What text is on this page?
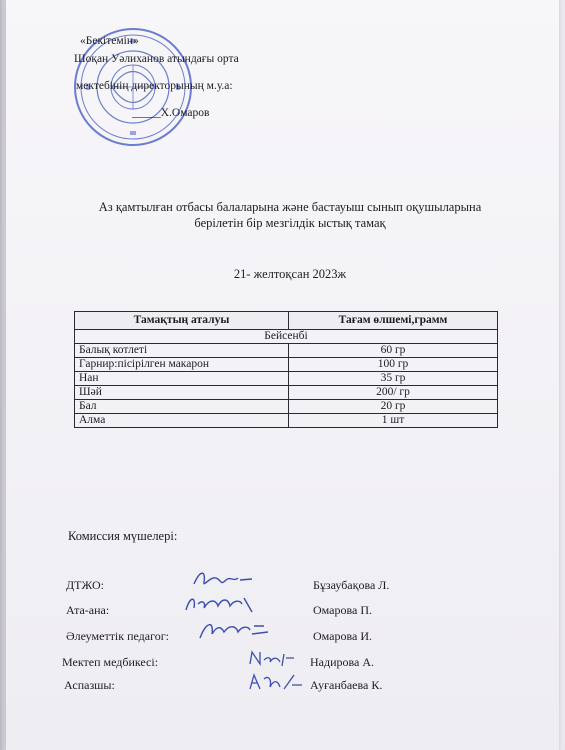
«Бекітемін»
Шоқан Уәлиханов атындағы орта
мектебінің директорының м.у.а:
_____Х.Омаров
Аз қамтылған отбасы балаларына және бастауыш сынып оқушыларына
берілетін бір мезгілдік ыстық тамақ
21- желтоқсан 2023ж
Тамақтың аталуы	Тағам өлшемі,грамм
Бейсенбі	
Балық котлеті	60 гр
Гарнир:пісірілген макарон	100 гр
Нан	35 гр
Шәй	200/ гр
Бал	20 гр
Алма	1 шт
Комиссия мүшелері:
ДТЖО:	Бұзаубақова Л.
Ата-ана:	Омарова П.
Әлеуметтік педагог:	Омарова И.
Мектеп медбикесі:	Надирова А.
Аспазшы:	Ауғанбаева К.
